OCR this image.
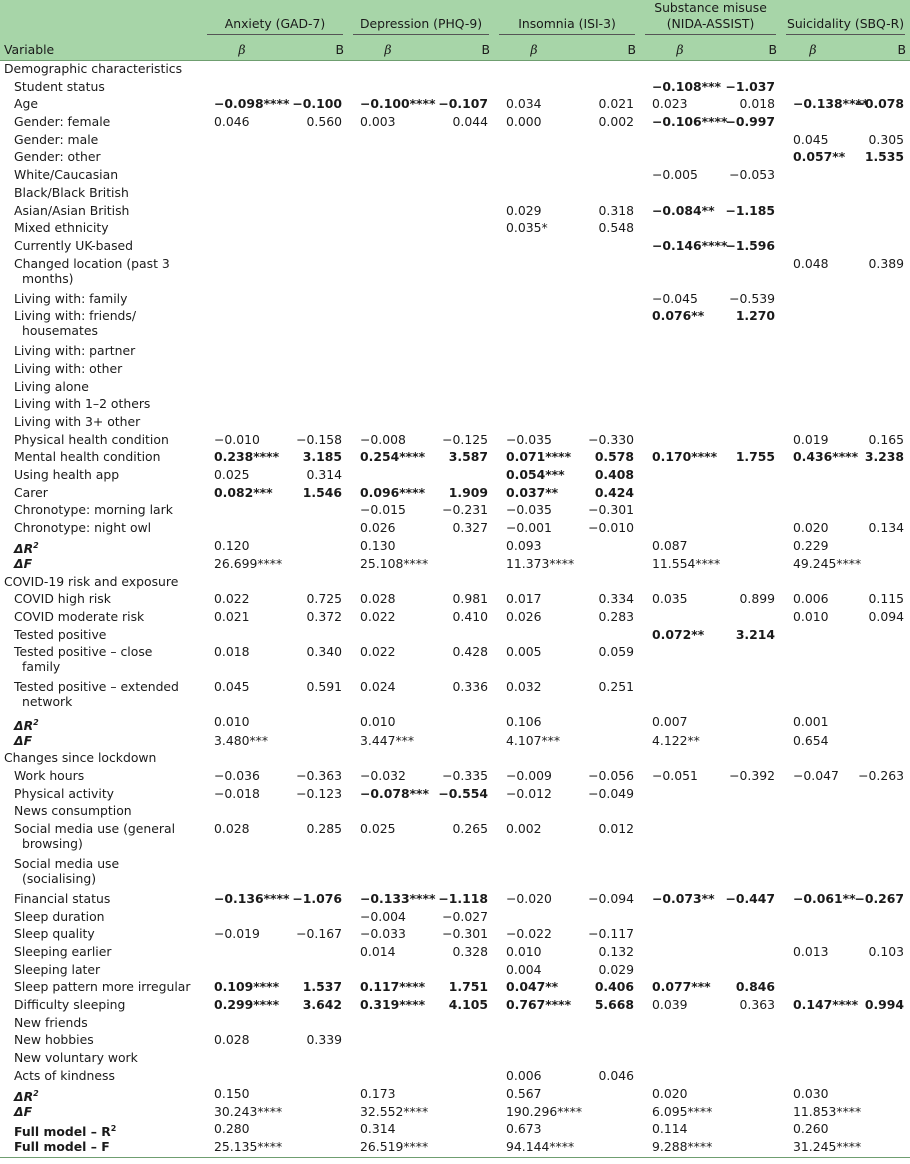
	Anxiety (GAD-7)		Depression (PHQ-9)		Insomnia (ISI-3)		Substance misuse
(NIDA-ASSIST)		Suicidality (SBQ-R)	

Variable	β	B	β	B	β	B	β	B	β	B
Demographic characteristics										
Student status							−0.108***	−1.037		
Age	−0.098****	−0.100	−0.100****	−0.107	0.034	0.021	0.023	0.018	−0.138****	−0.078
Gender: female	0.046	0.560	0.003	0.044	0.000	0.002	−0.106****	−0.997		
Gender: male									0.045	0.305
Gender: other									0.057**	1.535
White/Caucasian							−0.005	−0.053		
Black/Black British										
Asian/Asian British					0.029	0.318	−0.084**	−1.185		
Mixed ethnicity					0.035*	0.548				
Currently UK-based							−0.146****	−1.596		
Changed location (past 3
months)									0.048	0.389
Living with: family							−0.045	−0.539		
Living with: friends/
housemates							0.076**	1.270		
Living with: partner										
Living with: other										
Living alone										
Living with 1–2 others										
Living with 3+ other										
Physical health condition	−0.010	−0.158	−0.008	−0.125	−0.035	−0.330			0.019	0.165
Mental health condition	0.238****	3.185	0.254****	3.587	0.071****	0.578	0.170****	1.755	0.436****	3.238
Using health app	0.025	0.314			0.054***	0.408				
Carer	0.082***	1.546	0.096****	1.909	0.037**	0.424				
Chronotype: morning lark			−0.015	−0.231	−0.035	−0.301				
Chronotype: night owl			0.026	0.327	−0.001	−0.010			0.020	0.134
$\Delta R^2$	0.120		0.130		0.093		0.087		0.229	
ΔF	26.699****		25.108****		11.373****		11.554****		49.245****	
COVID-19 risk and exposure										
COVID high risk	0.022	0.725	0.028	0.981	0.017	0.334	0.035	0.899	0.006	0.115
COVID moderate risk	0.021	0.372	0.022	0.410	0.026	0.283			0.010	0.094
Tested positive							0.072**	3.214		
Tested positive – close
family	0.018	0.340	0.022	0.428	0.005	0.059				
Tested positive – extended
network	0.045	0.591	0.024	0.336	0.032	0.251				
$\Delta R^2$	0.010		0.010		0.106		0.007		0.001	
ΔF	3.480***		3.447***		4.107***		4.122**		0.654	
Changes since lockdown										
Work hours	−0.036	−0.363	−0.032	−0.335	−0.009	−0.056	−0.051	−0.392	−0.047	−0.263
Physical activity	−0.018	−0.123	−0.078***	−0.554	−0.012	−0.049				
News consumption										
Social media use (general
browsing)	0.028	0.285	0.025	0.265	0.002	0.012				
Social media use
(socialising)										

Financial status	−0.136****	−1.076	−0.133****	−1.118	−0.020	−0.094	−0.073**	−0.447	−0.061**	−0.267
Sleep duration			−0.004	−0.027						
Sleep quality	−0.019	−0.167	−0.033	−0.301	−0.022	−0.117				
Sleeping earlier			0.014	0.328	0.010	0.132			0.013	0.103
Sleeping later					0.004	0.029				
Sleep pattern more irregular	0.109****	1.537	0.117****	1.751	0.047**	0.406	0.077***	0.846		
Difficulty sleeping	0.299****	3.642	0.319****	4.105	0.767****	5.668	0.039	0.363	0.147****	0.994
New friends										
New hobbies	0.028	0.339								
New voluntary work										
Acts of kindness					0.006	0.046				
$\Delta R^2$	0.150		0.173		0.567		0.020		0.030	
ΔF	30.243****		32.552****		190.296****		6.095****		11.853****	
Full model – $R^2$	0.280		0.314		0.673		0.114		0.260	
Full model – F	25.135****		26.519****		94.144****		9.288****		31.245****	
